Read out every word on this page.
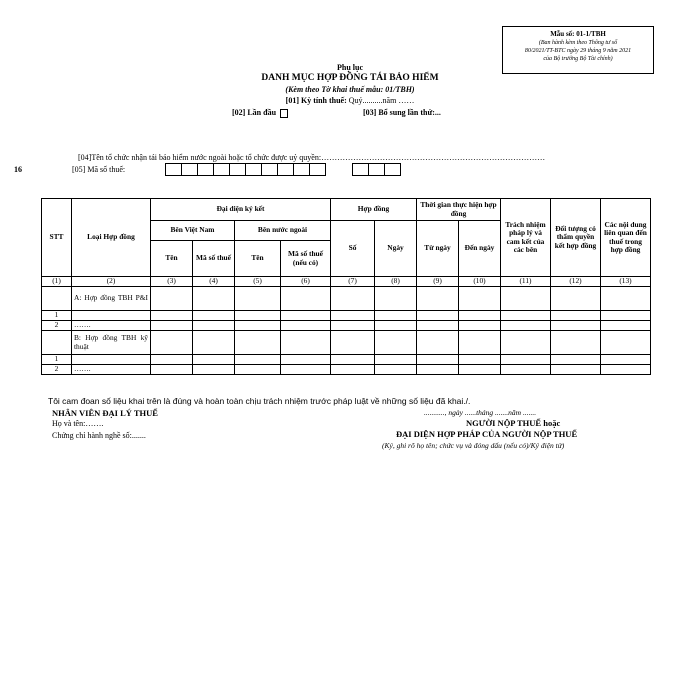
Mẫu số: 01-1/TBH
(Ban hành kèm theo Thông tư số
80/2021/TT-BTC ngày 29 tháng 9 năm 2021
của Bộ trưởng Bộ Tài chính)
Phụ lục
DANH MỤC HỢP ĐỒNG TÁI BẢO HIỂM
(Kèm theo Tờ khai thuế mẫu: 01/TBH)
[01] Kỳ tính thuế: Quý..........năm ……
[02] Lần đầu	[03] Bổ sung lần thứ:...
[04]Tên tổ chức nhận tái bảo hiểm nước ngoài hoặc tổ chức được uỷ quyền:…………………………………………………………………………
16	[05] Mã số thuế:
STT	Loại Hợp đồng	Đại diện ký kết				Hợp đồng		Thời gian thực hiện hợp đồng		Trách nhiệm pháp lý và cam kết của các bên	Đối tượng có thẩm quyền kết hợp đồng	Các nội dung liên quan đến thuế trong hợp đồng
		Bên Việt Nam		Bên nước ngoài		Số	Ngày	Từ ngày	Đến ngày			
		Tên	Mã số thuế	Tên	Mã số thuế (nếu có)							
(1)	(2)	(3)	(4)	(5)	(6)	(7)	(8)	(9)	(10)	(11)	(12)	(13)
	A: Hợp đồng TBH P&I											
1												
2	…….											
	B: Hợp đồng TBH kỹ thuật											
1												
2	…….											
Tôi cam đoan số liệu khai trên là đúng và hoàn toàn chịu trách nhiệm trước pháp luật về những số liệu đã khai./.
NHÂN VIÊN ĐẠI LÝ THUẾ
Họ và tên:…….
Chứng chỉ hành nghề số:.......
..........., ngày ......tháng .......năm .......
NGƯỜI NỘP THUẾ hoặc
ĐẠI DIỆN HỢP PHÁP CỦA NGƯỜI NỘP THUẾ
(Ký, ghi rõ họ tên; chức vụ và đóng dấu (nếu có)/Ký điện tử)
